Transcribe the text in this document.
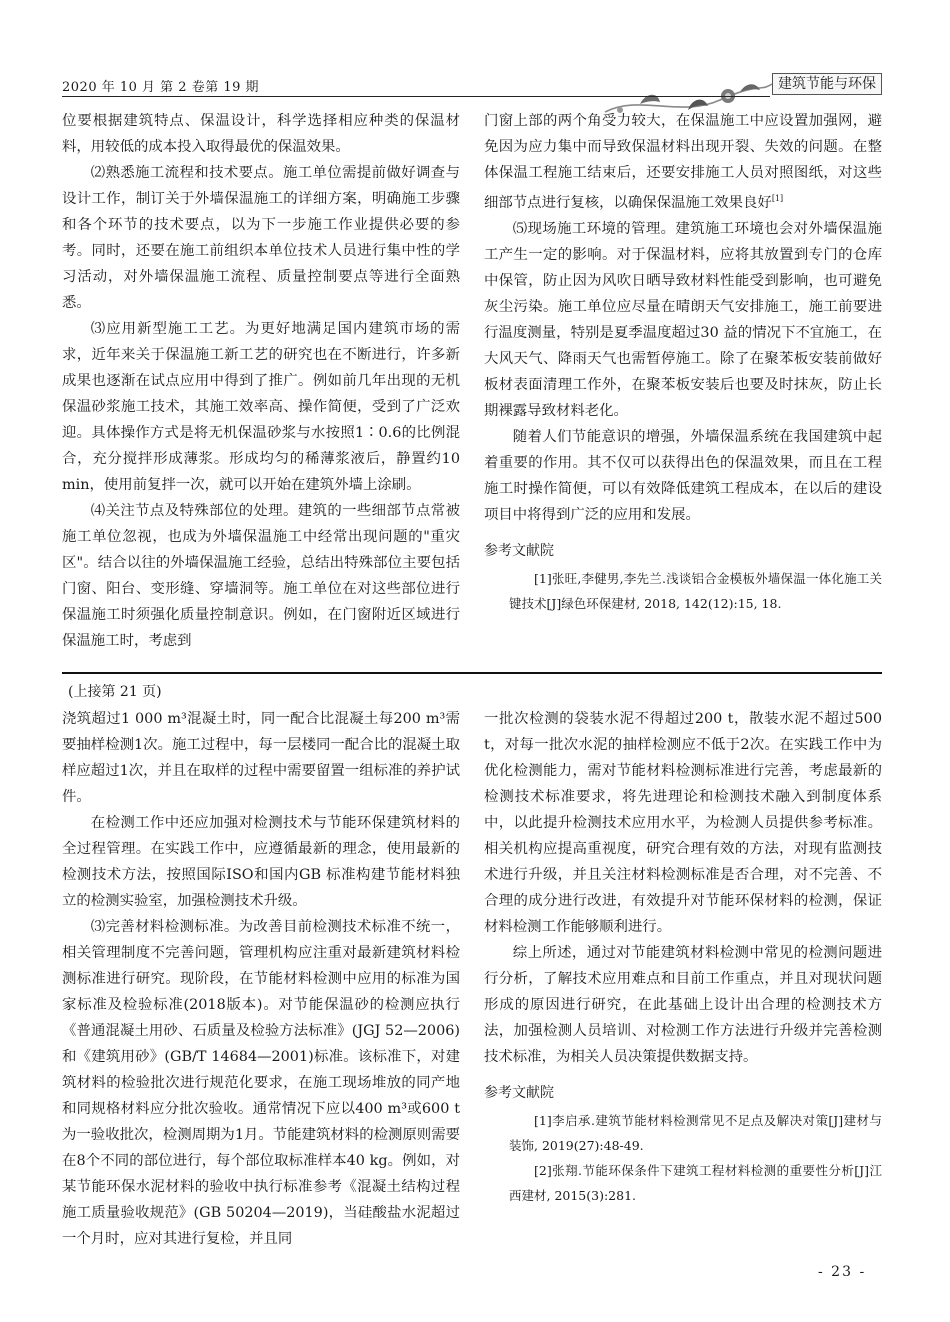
2020 年 10 月 第 2 卷第 19 期	建筑节能与环保

位要根据建筑特点、保温设计，科学选择相应种类的保温材料，用较低的成本投入取得最优的保温效果。

⑵熟悉施工流程和技术要点。施工单位需提前做好调查与设计工作，制订关于外墙保温施工的详细方案，明确施工步骤和各个环节的技术要点，以为下一步施工作业提供必要的参考。同时，还要在施工前组织本单位技术人员进行集中性的学习活动，对外墙保温施工流程、质量控制要点等进行全面熟悉。

⑶应用新型施工工艺。为更好地满足国内建筑市场的需求，近年来关于保温施工新工艺的研究也在不断进行，许多新成果也逐渐在试点应用中得到了推广。例如前几年出现的无机保温砂浆施工技术，其施工效率高、操作简便，受到了广泛欢迎。具体操作方式是将无机保温砂浆与水按照1∶0.6的比例混合，充分搅拌形成薄浆。形成均匀的稀薄浆液后，静置约10 min，使用前复拌一次，就可以开始在建筑外墙上涂刷。

⑷关注节点及特殊部位的处理。建筑的一些细部节点常被施工单位忽视，也成为外墙保温施工中经常出现问题的"重灾区"。结合以往的外墙保温施工经验，总结出特殊部位主要包括门窗、阳台、变形缝、穿墙洞等。施工单位在对这些部位进行保温施工时须强化质量控制意识。例如，在门窗附近区域进行保温施工时，考虑到

门窗上部的两个角受力较大，在保温施工中应设置加强网，避免因为应力集中而导致保温材料出现开裂、失效的问题。在整体保温工程施工结束后，还要安排施工人员对照图纸，对这些细部节点进行复核，以确保保温施工效果良好[1]

⑸现场施工环境的管理。建筑施工环境也会对外墙保温施工产生一定的影响。对于保温材料，应将其放置到专门的仓库中保管，防止因为风吹日晒导致材料性能受到影响，也可避免灰尘污染。施工单位应尽量在晴朗天气安排施工，施工前要进行温度测量，特别是夏季温度超过30 益的情况下不宜施工，在大风天气、降雨天气也需暂停施工。除了在聚苯板安装前做好板材表面清理工作外，在聚苯板安装后也要及时抹灰，防止长期裸露导致材料老化。

随着人们节能意识的增强，外墙保温系统在我国建筑中起着重要的作用。其不仅可以获得出色的保温效果，而且在工程施工时操作简便，可以有效降低建筑工程成本，在以后的建设项目中将得到广泛的应用和发展。

参考文献院

[1]张旺,李健男,李先兰.浅谈铝合金模板外墙保温一体化施工关键技术[J]绿色环保建材, 2018, 142(12):15, 18.

(上接第 21 页)

浇筑超过1 000 m³混凝土时，同一配合比混凝土每200 m³需要抽样检测1次。施工过程中，每一层楼同一配合比的混凝土取样应超过1次，并且在取样的过程中需要留置一组标准的养护试件。

在检测工作中还应加强对检测技术与节能环保建筑材料的全过程管理。在实践工作中，应遵循最新的理念，使用最新的检测技术方法，按照国际ISO和国内GB 标准构建节能材料独立的检测实验室，加强检测技术升级。

⑶完善材料检测标准。为改善目前检测技术标准不统一，相关管理制度不完善问题，管理机构应注重对最新建筑材料检测标准进行研究。现阶段，在节能材料检测中应用的标准为国家标准及检验标准(2018版本)。对节能保温砂的检测应执行《普通混凝土用砂、石质量及检验方法标准》(JGJ 52—2006)和《建筑用砂》(GB/T 14684—2001)标准。该标准下，对建筑材料的检验批次进行规范化要求，在施工现场堆放的同产地和同规格材料应分批次验收。通常情况下应以400 m³或600 t为一验收批次，检测周期为1月。节能建筑材料的检测原则需要在8个不同的部位进行，每个部位取标准样本40 kg。例如，对某节能环保水泥材料的验收中执行标准参考《混凝土结构过程施工质量验收规范》(GB 50204—2019)，当硅酸盐水泥超过一个月时，应对其进行复检，并且同

一批次检测的袋装水泥不得超过200 t，散装水泥不超过500 t，对每一批次水泥的抽样检测应不低于2次。在实践工作中为优化检测能力，需对节能材料检测标准进行完善，考虑最新的检测技术标准要求，将先进理论和检测技术融入到制度体系中，以此提升检测技术应用水平，为检测人员提供参考标准。相关机构应提高重视度，研究合理有效的方法，对现有监测技术进行升级，并且关注材料检测标准是否合理，对不完善、不合理的成分进行改进，有效提升对节能环保材料的检测，保证材料检测工作能够顺利进行。

综上所述，通过对节能建筑材料检测中常见的检测问题进行分析，了解技术应用难点和目前工作重点，并且对现状问题形成的原因进行研究，在此基础上设计出合理的检测技术方法，加强检测人员培训、对检测工作方法进行升级并完善检测技术标准，为相关人员决策提供数据支持。

参考文献院

[1]李启承.建筑节能材料检测常见不足点及解决对策[J]建材与装饰, 2019(27):48-49.

[2]张翔.节能环保条件下建筑工程材料检测的重要性分析[J]江西建材, 2015(3):281.

- 23 -
